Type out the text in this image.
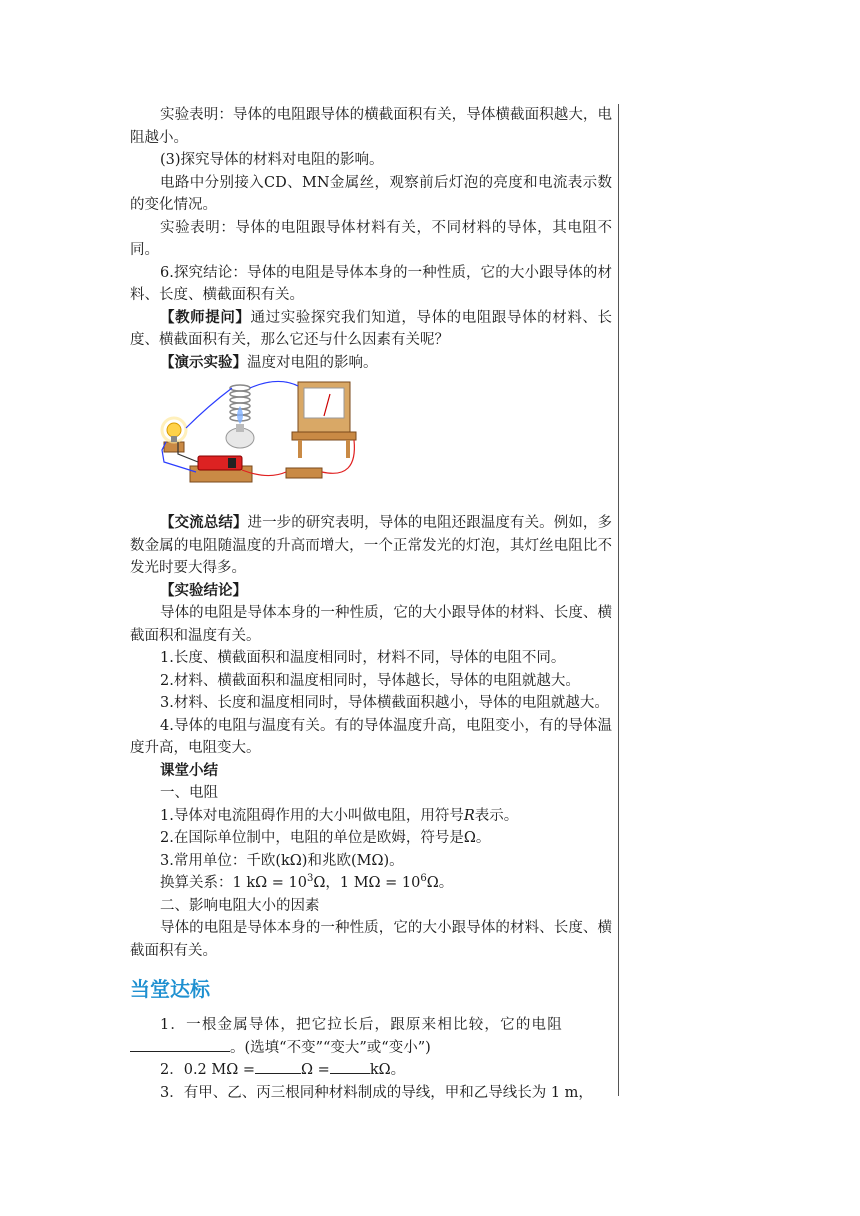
实验表明：导体的电阻跟导体的横截面积有关，导体横截面积越大，电阻越小。

(3)探究导体的材料对电阻的影响。

电路中分别接入CD、MN金属丝，观察前后灯泡的亮度和电流表示数的变化情况。

实验表明：导体的电阻跟导体材料有关，不同材料的导体，其电阻不同。

6.探究结论：导体的电阻是导体本身的一种性质，它的大小跟导体的材料、长度、横截面积有关。

【教师提问】通过实验探究我们知道，导体的电阻跟导体的材料、长度、横截面积有关，那么它还与什么因素有关呢？

【演示实验】温度对电阻的影响。

【交流总结】进一步的研究表明，导体的电阻还跟温度有关。例如，多数金属的电阻随温度的升高而增大，一个正常发光的灯泡，其灯丝电阻比不发光时要大得多。

【实验结论】

导体的电阻是导体本身的一种性质，它的大小跟导体的材料、长度、横截面积和温度有关。

1.长度、横截面积和温度相同时，材料不同，导体的电阻不同。

2.材料、横截面积和温度相同时，导体越长，导体的电阻就越大。

3.材料、长度和温度相同时，导体横截面积越小，导体的电阻就越大。

4.导体的电阻与温度有关。有的导体温度升高，电阻变小，有的导体温度升高，电阻变大。

课堂小结

一、电阻

1.导体对电流阻碍作用的大小叫做电阻，用符号R表示。

2.在国际单位制中，电阻的单位是欧姆，符号是Ω。

3.常用单位：千欧(kΩ)和兆欧(MΩ)。

换算关系：1 $k\Omega = 10^3\Omega$，1 $M\Omega = 10^6\Omega$。

二、影响电阻大小的因素

导体的电阻是导体本身的一种性质，它的大小跟导体的材料、长度、横截面积有关。

当堂达标

1．一根金属导体，把它拉长后，跟原来相比较，它的电阻

。(选填“不变”“变大”或“变小”)

2．0.2 MΩ =	Ω =	kΩ。

3．有甲、乙、丙三根同种材料制成的导线，甲和乙导线长为 1 m，
